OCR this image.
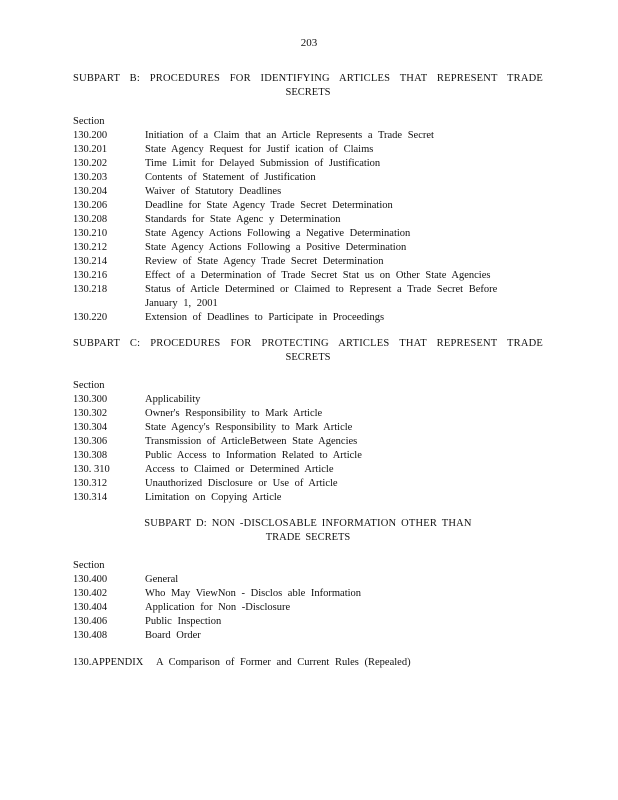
203
SUBPART B: PROCEDURES FOR IDENTIFYING ARTICLES THAT REPRESENT TRADE
SECRETS
Section
130.200	Initiation of a Claim that an Article Represents a Trade Secret
130.201	State Agency Request for Justif ication of Claims
130.202	Time Limit for Delayed Submission of Justification
130.203	Contents of Statement of Justification
130.204	Waiver of Statutory Deadlines
130.206	Deadline for State Agency Trade Secret Determination
130.208	Standards for State Agenc y Determination
130.210	State Agency Actions Following a Negative Determination
130.212	State Agency Actions Following a Positive Determination
130.214	Review of State Agency Trade Secret Determination
130.216	Effect of a Determination of Trade Secret Stat us on Other State Agencies
130.218	Status of Article Determined or Claimed to Represent a Trade Secret Before January 1, 2001
130.220	Extension of Deadlines to Participate in Proceedings
SUBPART C: PROCEDURES FOR PROTECTING ARTICLES THAT REPRESENT TRADE
SECRETS
Section
130.300	Applicability
130.302	Owner's Responsibility to Mark Article
130.304	State Agency's Responsibility to Mark Article
130.306	Transmission of ArticleBetween State Agencies
130.308	Public Access to Information Related to Article
130. 310	Access to Claimed or Determined Article
130.312	Unauthorized Disclosure or Use of Article
130.314	Limitation on Copying Article
SUBPART D: NON -DISCLOSABLE INFORMATION OTHER THAN
TRADE SECRETS
Section
130.400	General
130.402	Who May ViewNon - Disclos able Information
130.404	Application for Non -Disclosure
130.406	Public Inspection
130.408	Board Order
130.APPENDIX	A Comparison of Former and Current Rules (Repealed)
